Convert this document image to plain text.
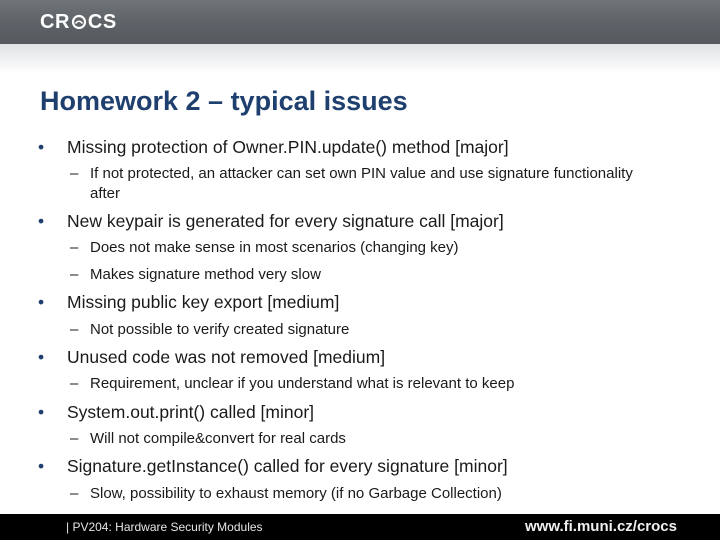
CR CS
Homework 2 – typical issues
• Missing protection of Owner.PIN.update() method [major]
– If not protected, an attacker can set own PIN value and use signature functionality after
• New keypair is generated for every signature call [major]
– Does not make sense in most scenarios (changing key)
– Makes signature method very slow
• Missing public key export [medium]
– Not possible to verify created signature
• Unused code was not removed [medium]
– Requirement, unclear if you understand what is relevant to keep
• System.out.print() called [minor]
– Will not compile&convert for real cards
• Signature.getInstance() called for every signature [minor]
– Slow, possibility to exhaust memory (if no Garbage Collection)
| PV204: Hardware Security Modules	www.fi.muni.cz/crocs
